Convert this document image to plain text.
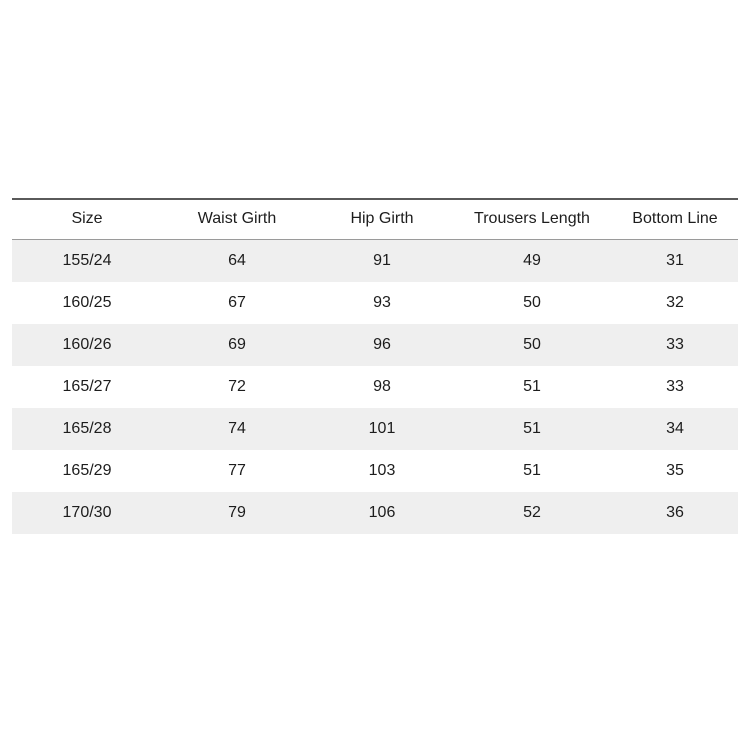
Size	Waist Girth	Hip Girth	Trousers Length	Bottom Line
155/24	64	91	49	31
160/25	67	93	50	32
160/26	69	96	50	33
165/27	72	98	51	33
165/28	74	101	51	34
165/29	77	103	51	35
170/30	79	106	52	36
